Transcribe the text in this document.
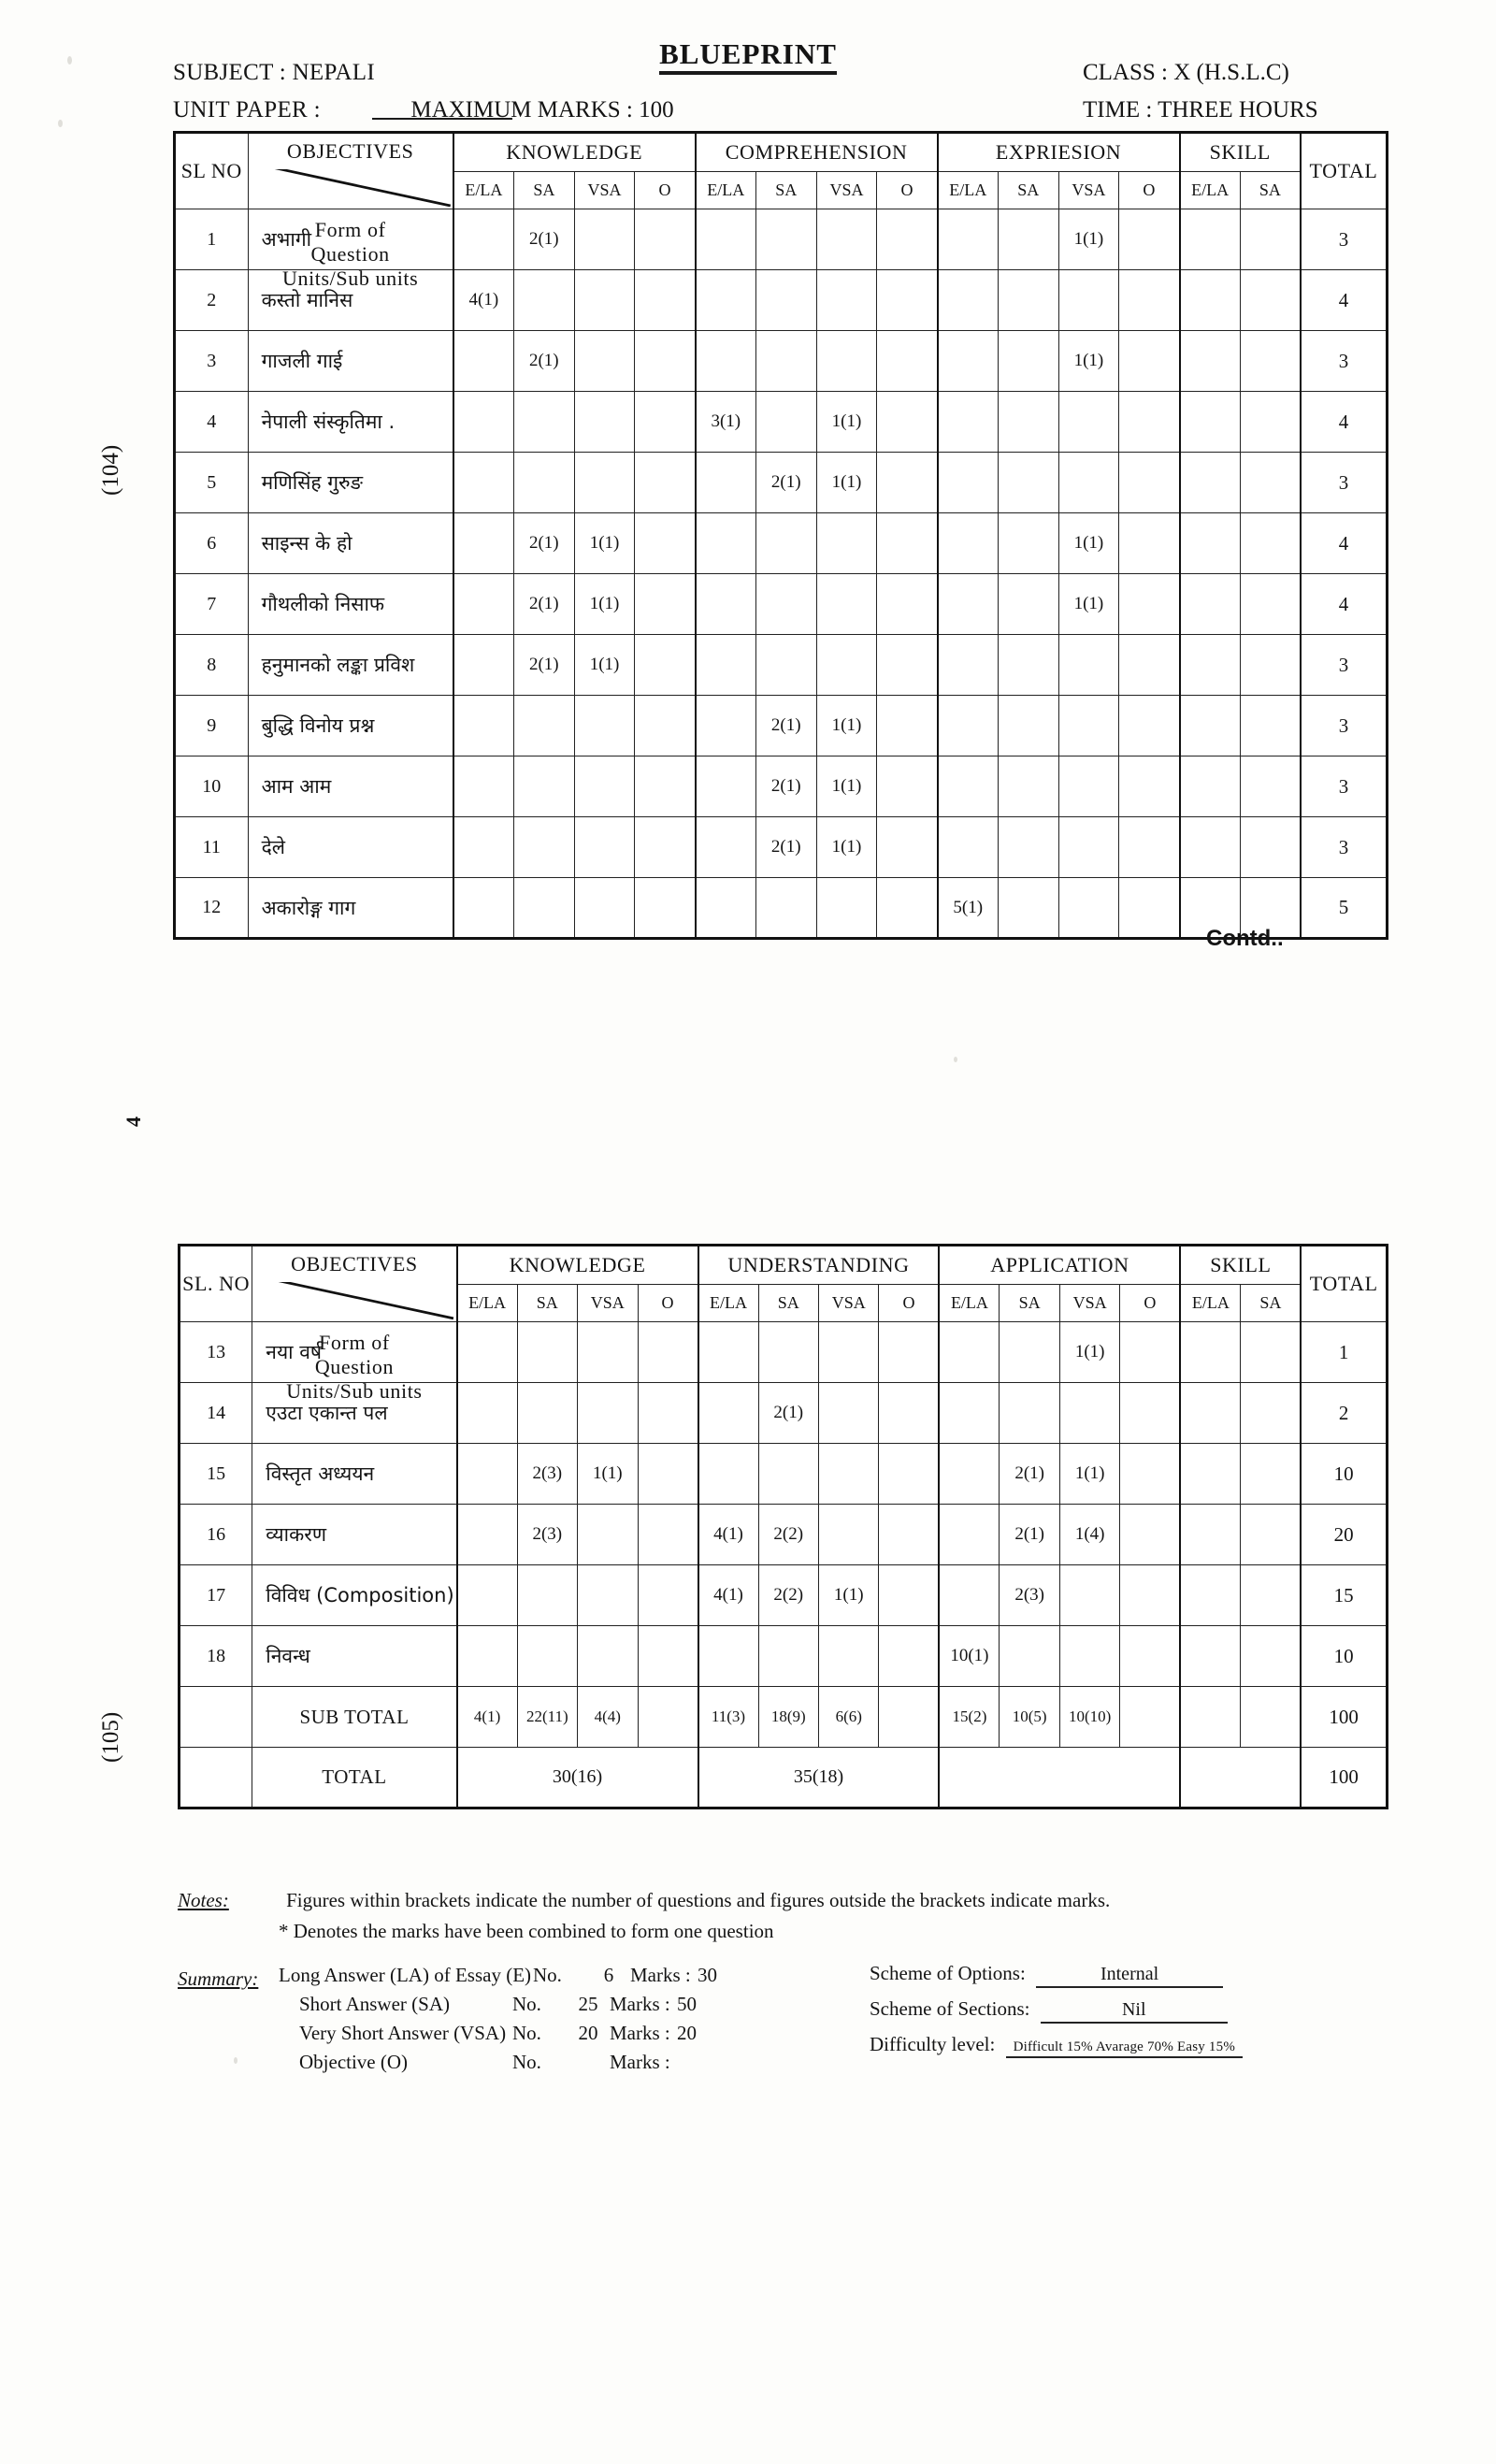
BLUEPRINT
SUBJECT : NEPALI
UNIT PAPER :	MAXIMUM MARKS : 100
CLASS : X (H.S.L.C)
TIME : THREE HOURS
(104)
(105)
4
SL NO	OBJECTIVES
Form of
Question
Units/Sub units	KNOWLEDGE				COMPREHENSION				EXPRIESION				SKILL		TOTAL
		E/LA	SA	VSA	O	E/LA	SA	VSA	O	E/LA	SA	VSA	O	E/LA	SA	
1	अभागी		2(1)									1(1)				3
2	कस्तो मानिस	4(1)														4
3	गाजली गाई		2(1)									1(1)				3
4	नेपाली संस्कृतिमा .					3(1)		1(1)								4
5	मणिसिंह गुरुङ						2(1)	1(1)								3
6	साइन्स के हो		2(1)	1(1)								1(1)				4
7	गौथलीको निसाफ		2(1)	1(1)								1(1)				4
8	हनुमानको लङ्का प्रविश		2(1)	1(1)												3
9	बुद्धि विनोय प्रश्न						2(1)	1(1)								3
10	आम आम						2(1)	1(1)								3
11	देले						2(1)	1(1)								3
12	अकारोङ्ग गाग									5(1)						5
Contd..
SL. NO	OBJECTIVES
Form of
Question
Units/Sub units	KNOWLEDGE				UNDERSTANDING				APPLICATION				SKILL		TOTAL
		E/LA	SA	VSA	O	E/LA	SA	VSA	O	E/LA	SA	VSA	O	E/LA	SA	
13	नया वर्ष											1(1)				1
14	एउटा एकान्त पल						2(1)									2
15	विस्तृत अध्ययन		2(3)	1(1)							2(1)	1(1)				10
16	व्याकरण		2(3)			4(1)	2(2)				2(1)	1(4)				20
17	विविध (Composition)					4(1)	2(2)	1(1)			2(3)					15
18	निवन्ध									10(1)						10
	SUB TOTAL	4(1)	22(11)	4(4)		11(3)	18(9)	6(6)		15(2)	10(5)	10(10)				100
	TOTAL	30(16)				35(18)										100
Notes:	Figures within brackets indicate the number of questions and figures outside the brackets indicate marks.
* Denotes the marks have been combined to form one question
Summary: Long Answer (LA) of Essay (E) No.	6 Marks : 30
Short Answer (SA)	No.	25 Marks : 50
Very Short Answer (VSA) No.	20 Marks : 20
Objective (O)	No.	Marks :
Scheme of Options:	Internal
Scheme of Sections:	Nil
Difficulty level: Difficult 15% Avarage 70% Easy 15%
